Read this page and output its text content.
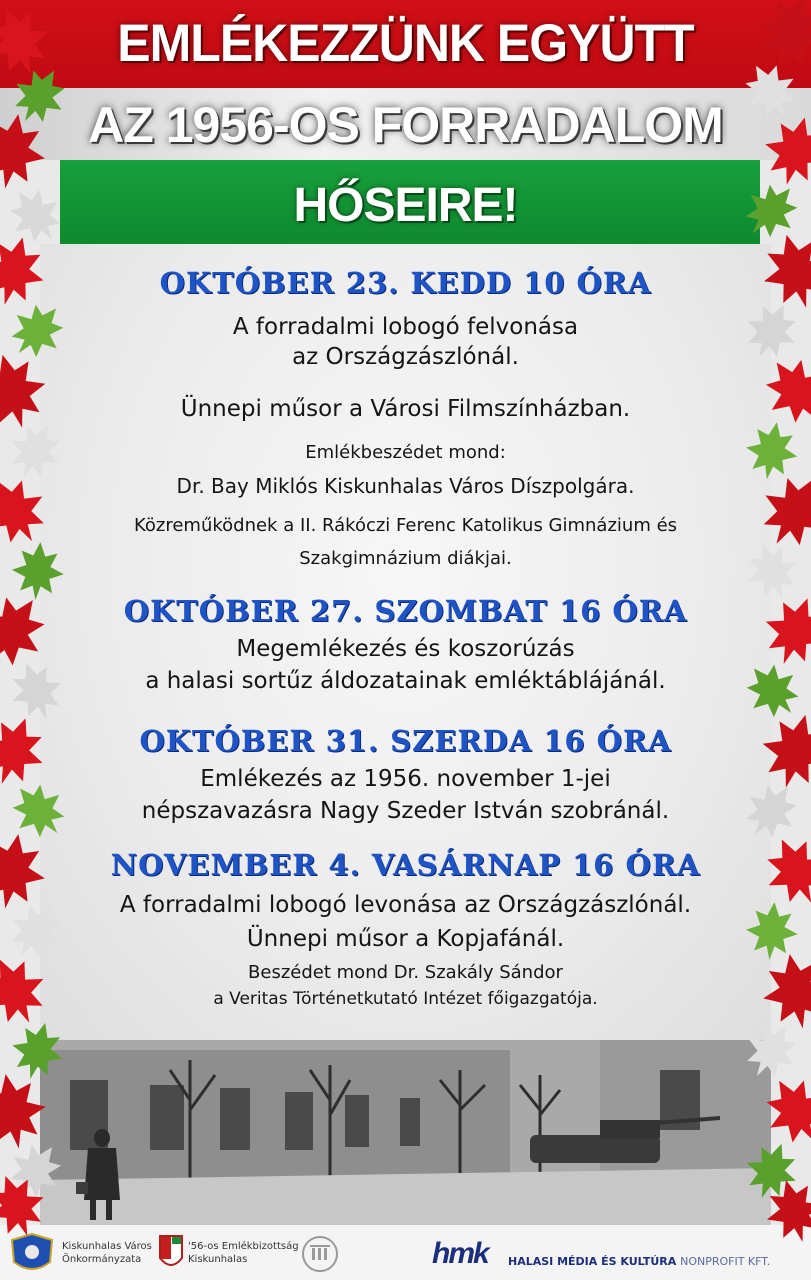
EMLÉKEZZÜNK EGYÜTT
AZ 1956-OS FORRADALOM
HŐSEIRE!
OKTÓBER 23. KEDD 10 ÓRA
A forradalmi lobogó felvonása
az Országzászlónál.
Ünnepi műsor a Városi Filmszínházban.
Emlékbeszédet mond:
Dr. Bay Miklós Kiskunhalas Város Díszpolgára.
Közreműködnek a II. Rákóczi Ferenc Katolikus Gimnázium és
Szakgimnázium diákjai.
OKTÓBER 27. SZOMBAT 16 ÓRA
Megemlékezés és koszorúzás
a halasi sortűz áldozatainak emléktáblájánál.
OKTÓBER 31. SZERDA 16 ÓRA
Emlékezés az 1956. november 1-jei
népszavazásra Nagy Szeder István szobránál.
NOVEMBER 4. VASÁRNAP 16 ÓRA
A forradalmi lobogó levonása az Országzászlónál.
Ünnepi műsor a Kopjafánál.
Beszédet mond Dr. Szakály Sándor
a Veritas Történetkutató Intézet főigazgatója.
Kiskunhalas Város
Önkormányzata
'56-os Emlékbizottság
Kiskunhalas	hmk HALASI MÉDIA ÉS KULTÚRA NONPROFIT KFT.
